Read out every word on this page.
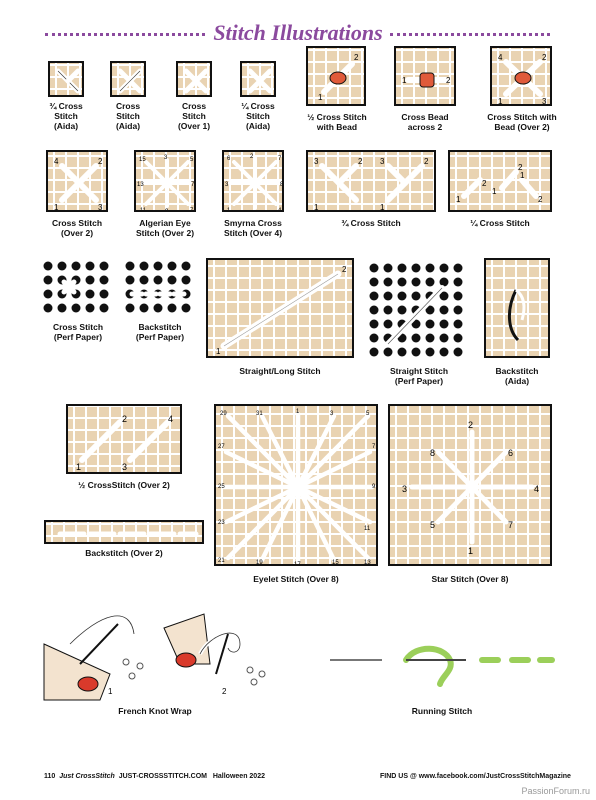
Stitch Illustrations
¾ Cross
Stitch
(Aida)
Cross
Stitch
(Aida)
Cross
Stitch
(Over 1)
¼ Cross
Stitch
(Aida)
1
2
½ Cross Stitch
with Bead
1	2
Cross Bead
across 2
4	2
1	3
Cross Stitch with
Bead (Over 2)
4	2
1	3
Cross Stitch
(Over 2)
15	3	5
13	7
11	9	7
Algerian Eye
Stitch (Over 2)
6	2	7
3	8
1	5	4
Smyrna Cross
Stitch (Over 4)
3	2
1
2
1
3
¾ Cross Stitch
1
2
1
2
1
2
¼ Cross Stitch
Cross Stitch
(Perf Paper)
Backstitch
(Perf Paper)
1
2
Straight/Long Stitch	Straight Stitch
(Perf Paper)
Backstitch
(Aida)
1
2
3
4
½ CrossStitch (Over 2)
Backstitch (Over 2)
29	31	1	3	5
27
9
23
21	19	17	15	13
11
7
25
Eyelet Stitch (Over 8)
8
2
6
3	4
5
1
7
Star Stitch (Over 8)
1	2
French Knot Wrap	Running Stitch
110 Just CrossStitch JUST-CROSSSTITCH.COM Halloween 2022	FIND US @ www.facebook.com/JustCrossStitchMagazine
PassionForum.ru
